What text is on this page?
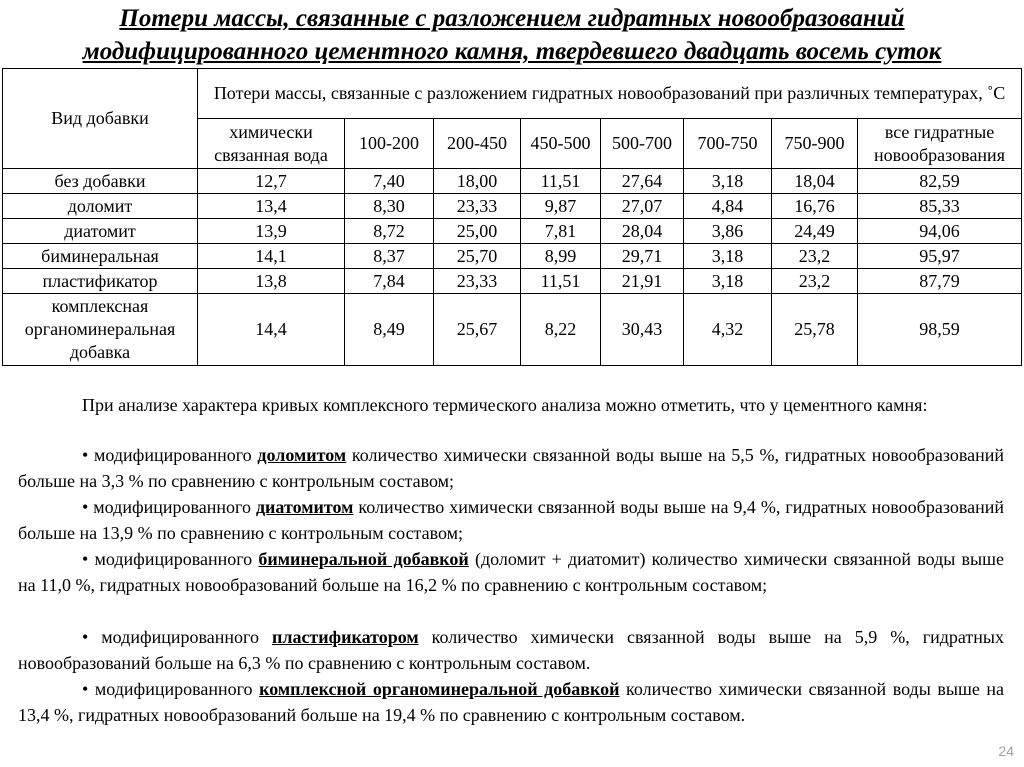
Потери массы, связанные с разложением гидратных новообразований
модифицированного цементного камня, твердевшего двадцать восемь суток
Вид добавки	Потери массы, связанные с разложением гидратных новообразований при различных температурах, ˚С							
	химически связанная вода	100-200	200-450	450-500	500-700	700-750	750-900	все гидратные новообразования
без добавки	12,7	7,40	18,00	11,51	27,64	3,18	18,04	82,59
доломит	13,4	8,30	23,33	9,87	27,07	4,84	16,76	85,33
диатомит	13,9	8,72	25,00	7,81	28,04	3,86	24,49	94,06
биминеральная	14,1	8,37	25,70	8,99	29,71	3,18	23,2	95,97
пластификатор	13,8	7,84	23,33	11,51	21,91	3,18	23,2	87,79
комплексная органоминеральная добавка	14,4	8,49	25,67	8,22	30,43	4,32	25,78	98,59

При анализе характера кривых комплексного термического анализа можно отметить, что у цементного камня:

• модифицированного доломитом количество химически связанной воды выше на 5,5 %, гидратных новообразований больше на 3,3 % по сравнению с контрольным составом;

• модифицированного диатомитом количество химически связанной воды выше на 9,4 %, гидратных новообразований больше на 13,9 % по сравнению с контрольным составом;

• модифицированного биминеральной добавкой (доломит + диатомит) количество химически связанной воды выше на 11,0 %, гидратных новообразований больше на 16,2 % по сравнению с контрольным составом;

• модифицированного пластификатором количество химически связанной воды выше на 5,9 %, гидратных новообразований больше на 6,3 % по сравнению с контрольным составом.

• модифицированного комплексной органоминеральной добавкой количество химически связанной воды выше на 13,4 %, гидратных новообразований больше на 19,4 % по сравнению с контрольным составом.

24
